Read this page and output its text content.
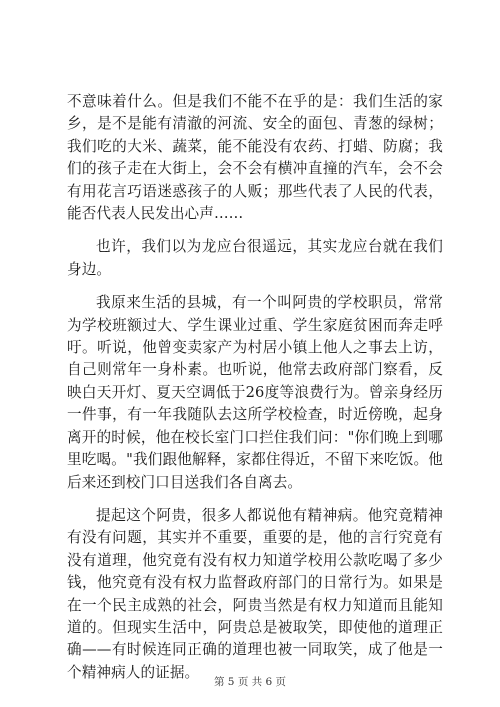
不意味着什么。但是我们不能不在乎的是：我们生活的家乡，是不是能有清澈的河流、安全的面包、青葱的绿树；我们吃的大米、蔬菜，能不能没有农药、打蜡、防腐；我们的孩子走在大街上，会不会有横冲直撞的汽车，会不会有用花言巧语迷惑孩子的人贩；那些代表了人民的代表，能否代表人民发出心声……

也许，我们以为龙应台很遥远，其实龙应台就在我们身边。

我原来生活的县城，有一个叫阿贵的学校职员，常常为学校班额过大、学生课业过重、学生家庭贫困而奔走呼吁。听说，他曾变卖家产为村居小镇上他人之事去上访，自己则常年一身朴素。也听说，他常去政府部门察看，反映白天开灯、夏天空调低于26度等浪费行为。曾亲身经历一件事，有一年我随队去这所学校检查，时近傍晚，起身离开的时候，他在校长室门口拦住我们问："你们晚上到哪里吃喝。"我们跟他解释，家都住得近，不留下来吃饭。他后来还到校门口目送我们各自离去。

提起这个阿贵，很多人都说他有精神病。他究竟精神有没有问题，其实并不重要，重要的是，他的言行究竟有没有道理，他究竟有没有权力知道学校用公款吃喝了多少钱，他究竟有没有权力监督政府部门的日常行为。如果是在一个民主成熟的社会，阿贵当然是有权力知道而且能知道的。但现实生活中，阿贵总是被取笑，即使他的道理正确——有时候连同正确的道理也被一同取笑，成了他是一个精神病人的证据。

第 5 页 共 6 页
